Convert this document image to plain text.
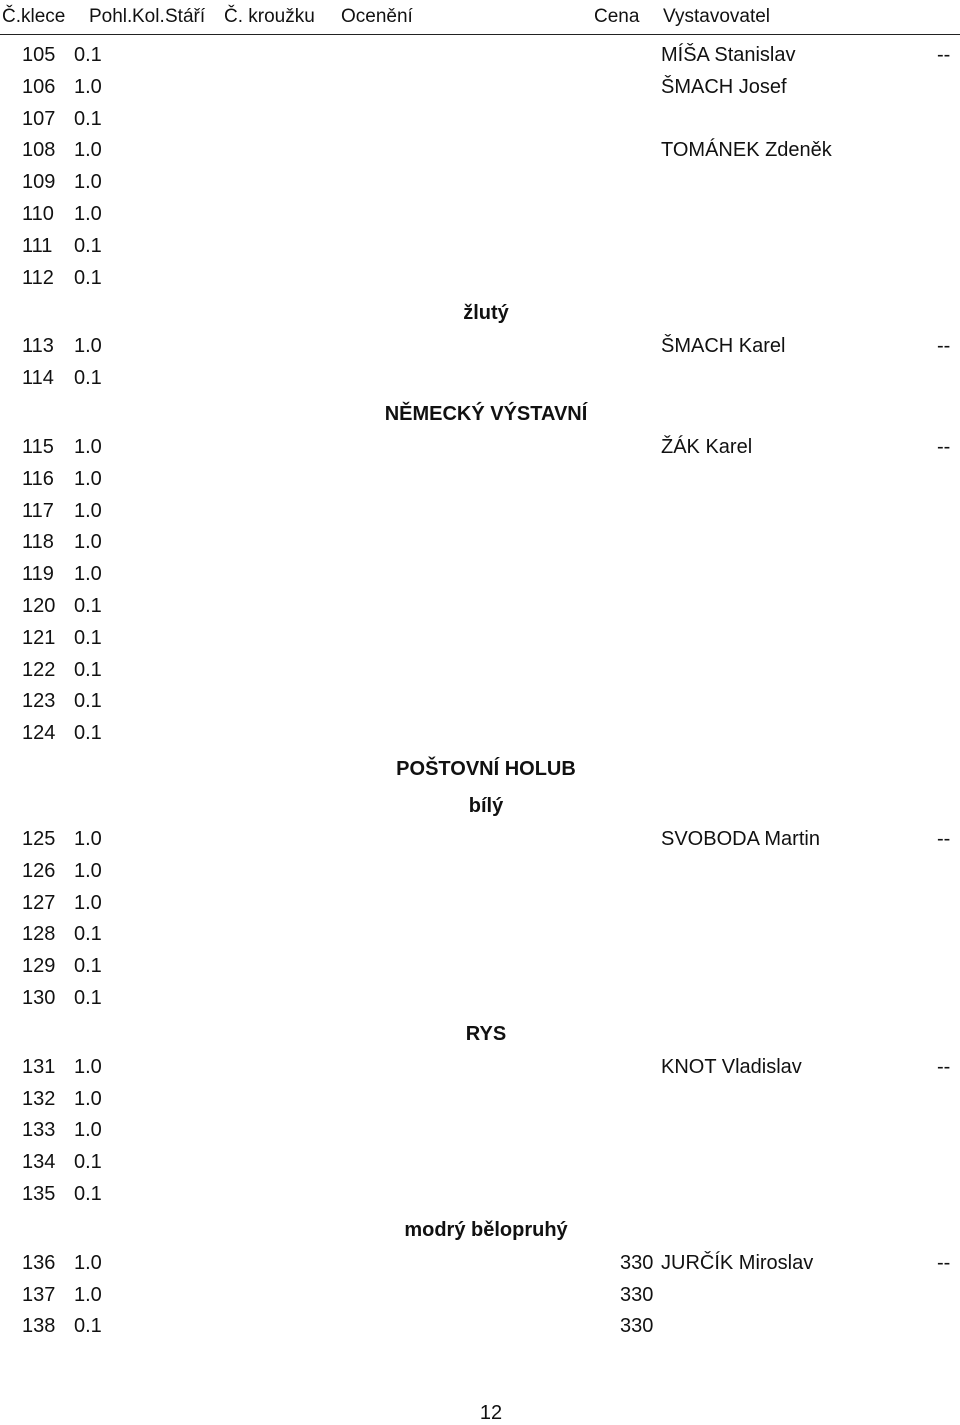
Č.klece Pohl. Kol. Stáří Č. kroužku Ocenění	Cena Vystavovatel
105 0.1	MÍŠA Stanislav	--
106 1.0	ŠMACH Josef
107 0.1
108 1.0	TOMÁNEK Zdeněk
109 1.0
110 1.0
111 0.1
112 0.1
žlutý
113 1.0	ŠMACH Karel	--
114 0.1
NĚMECKÝ VÝSTAVNÍ
115 1.0	ŽÁK Karel	--
116 1.0
117 1.0
118 1.0
119 1.0
120 0.1
121 0.1
122 0.1
123 0.1
124 0.1
POŠTOVNÍ HOLUB
bílý
125 1.0	SVOBODA Martin	--
126 1.0
127 1.0
128 0.1
129 0.1
130 0.1
RYS
131 1.0	KNOT Vladislav	--
132 1.0
133 1.0
134 0.1
135 0.1
modrý bělopruhý
136 1.0	330 JURČÍK Miroslav	--
137 1.0	330
138 0.1	330
12
